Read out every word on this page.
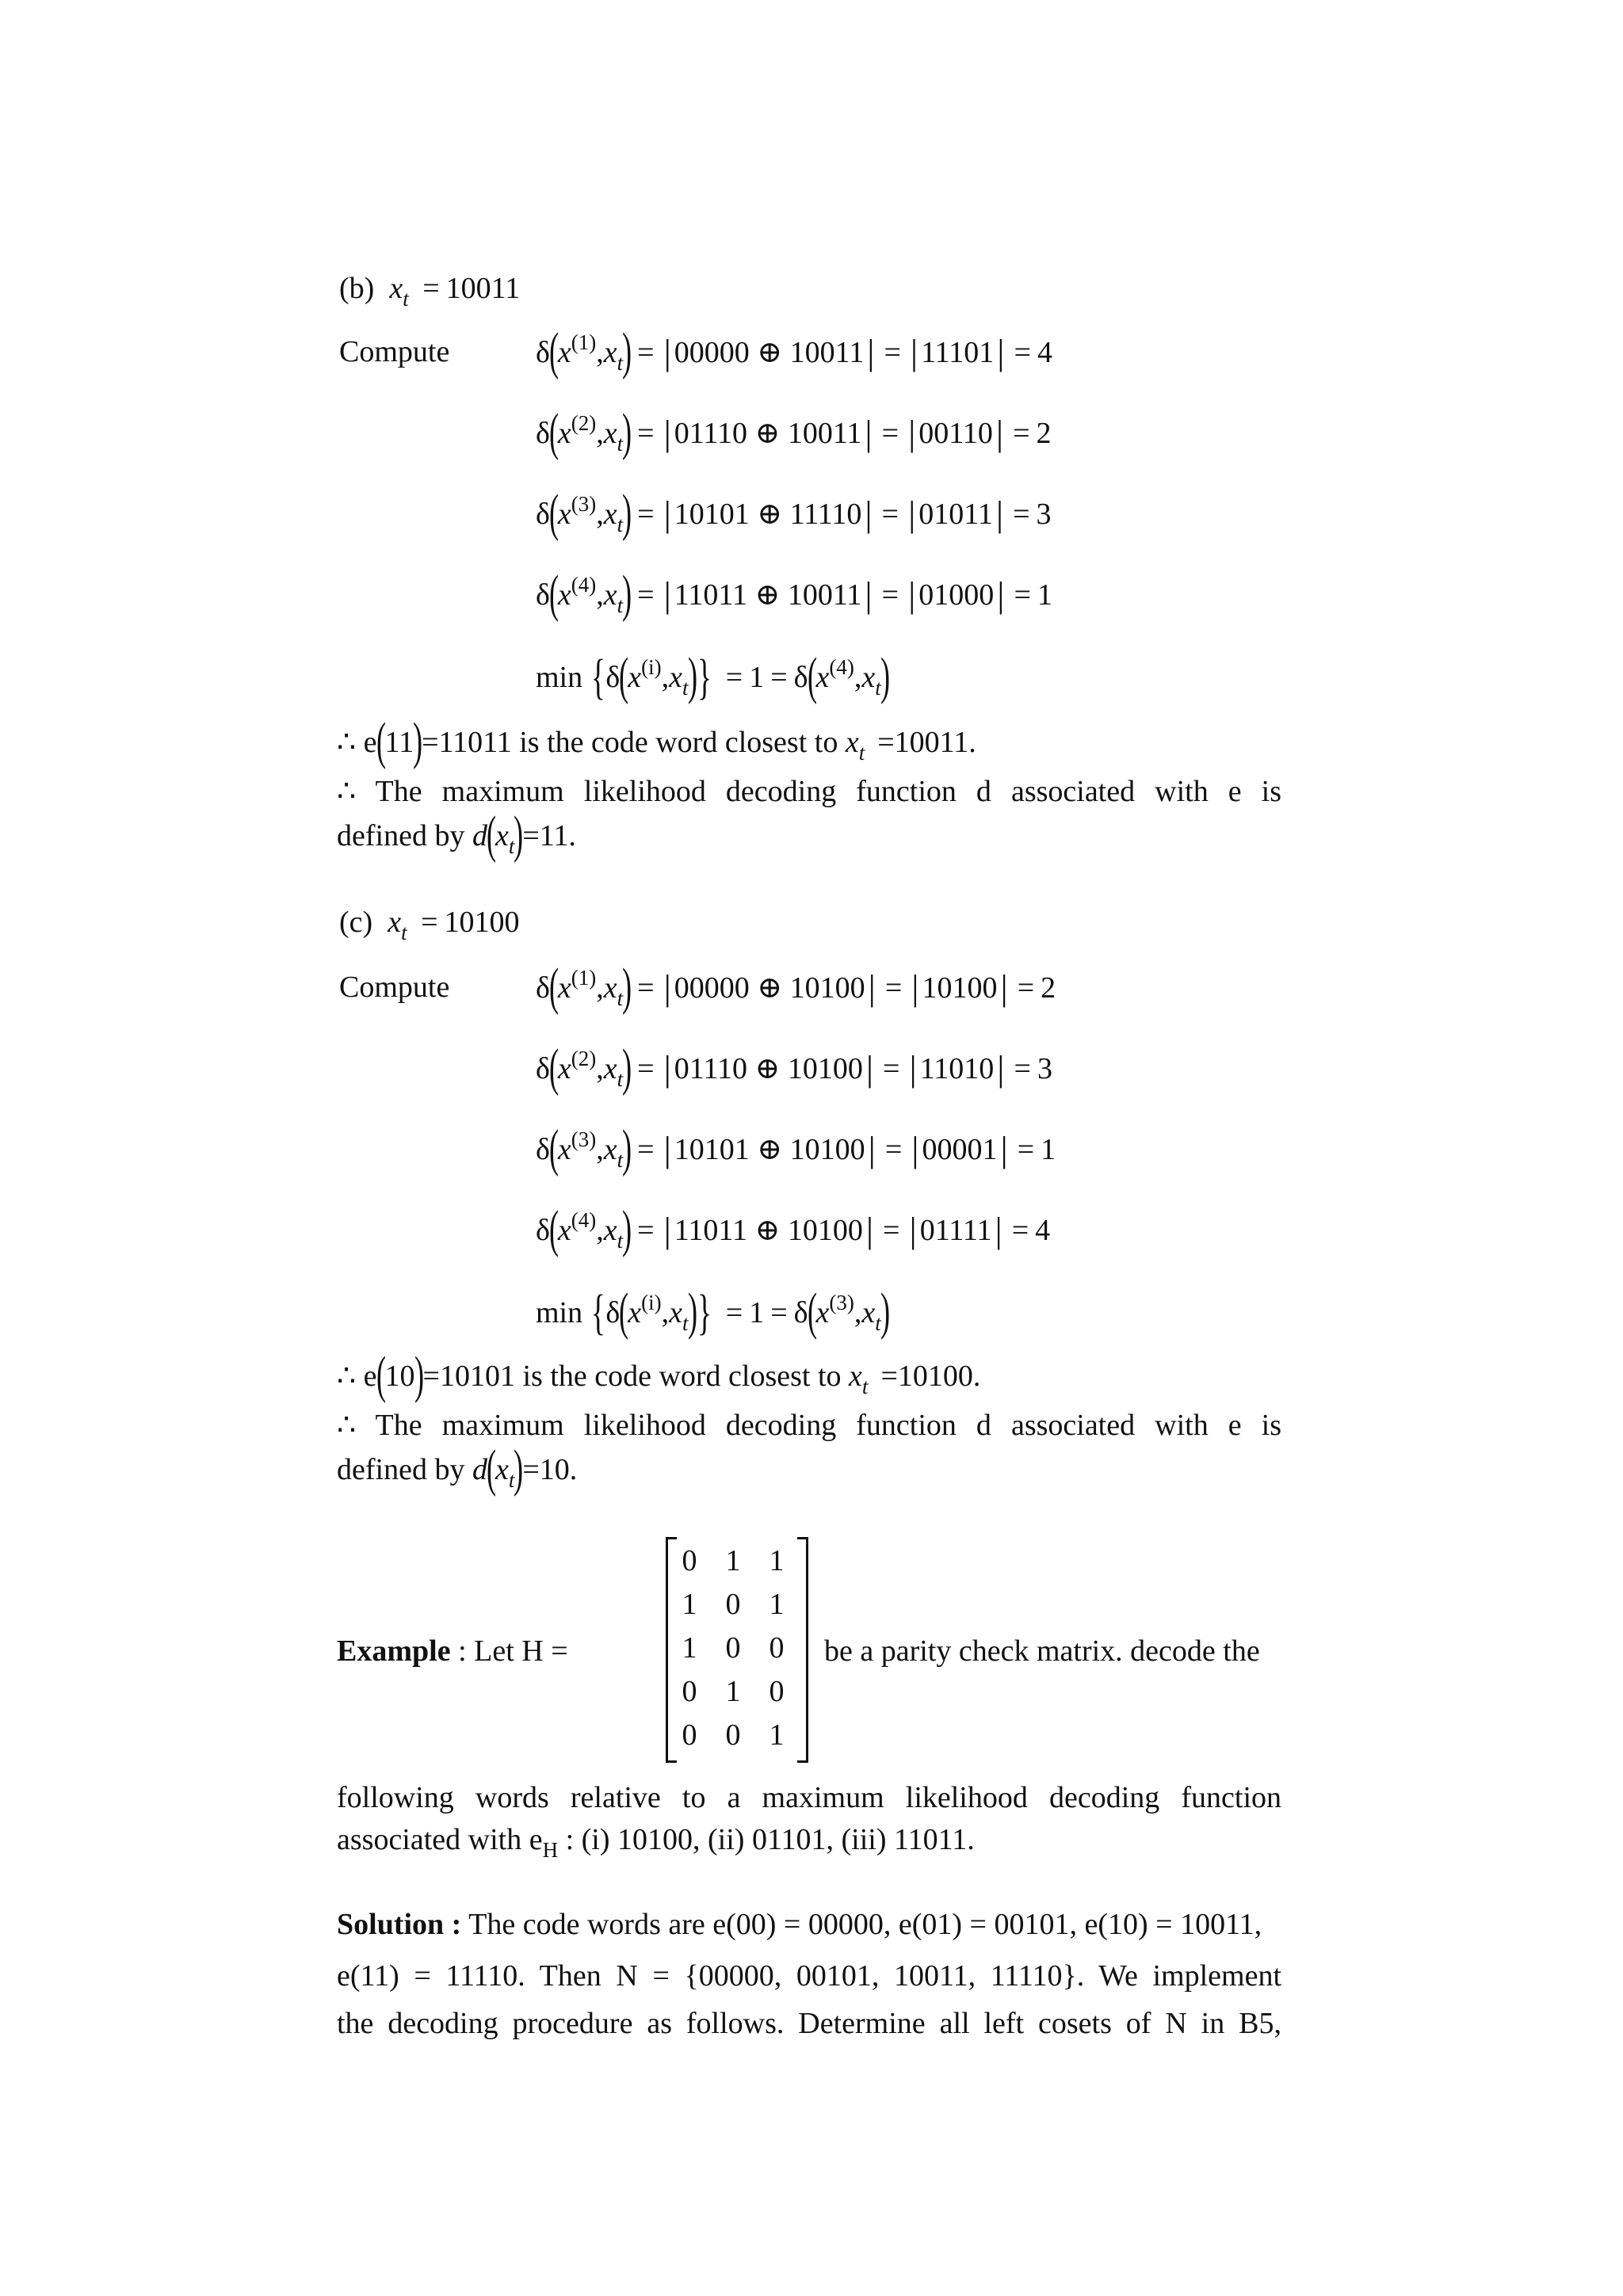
(b) $x_t = 10011$
Compute	$\delta(x^{(1)},x_t)$ = | 00000 ⊕ 10011| = | 11101| = 4
$\delta(x^{(2)},x_t)$ = | 01110 ⊕ 10011| = | 00110| = 2
$\delta(x^{(3)},x_t)$ = | 10101 ⊕ 11110| = | 01011| = 3
$\delta(x^{(4)},x_t)$ = | 11011 ⊕ 10011| = | 01000| = 1
$\min \{\delta(x^{(i)},x_t)\} = 1 = \delta(x^{(4)},x_t)$
∴ e(11)=11011 is the code word closest to $x_t =10011$.
∴ The maximum likelihood decoding function d associated with e is
defined by $d(x_t)=11$.
(c) $x_t = 10100$
Compute	$\delta(x^{(1)},x_t)$ = | 00000 ⊕ 10100| = | 10100| = 2
$\delta(x^{(2)},x_t)$ = | 01110 ⊕ 10100| = | 11010| = 3
$\delta(x^{(3)},x_t)$ = | 10101 ⊕ 10100| = | 00001| = 1
$\delta(x^{(4)},x_t)$ = | 11011 ⊕ 10100| = | 01111| = 4
$\min \{\delta(x^{(i)},x_t)\} = 1 = \delta(x^{(3)},x_t)$
∴ e(10)=10101 is the code word closest to $x_t =10100$.
∴ The maximum likelihood decoding function d associated with e is
defined by $d(x_t)=10$.
Example : Let H =
0 1 1
1 0 1
1 0 0
0 1 0
0 0 1
be a parity check matrix. decode the
following words relative to a maximum likelihood decoding function
associated with $e_H$ : (i) 10100, (ii) 01101, (iii) 11011.
Solution : The code words are e(00) = 00000, e(01) = 00101, e(10) = 10011,
e(11) = 11110. Then N = {00000, 00101, 10011, 11110}. We implement
the decoding procedure as follows. Determine all left cosets of N in B5,
